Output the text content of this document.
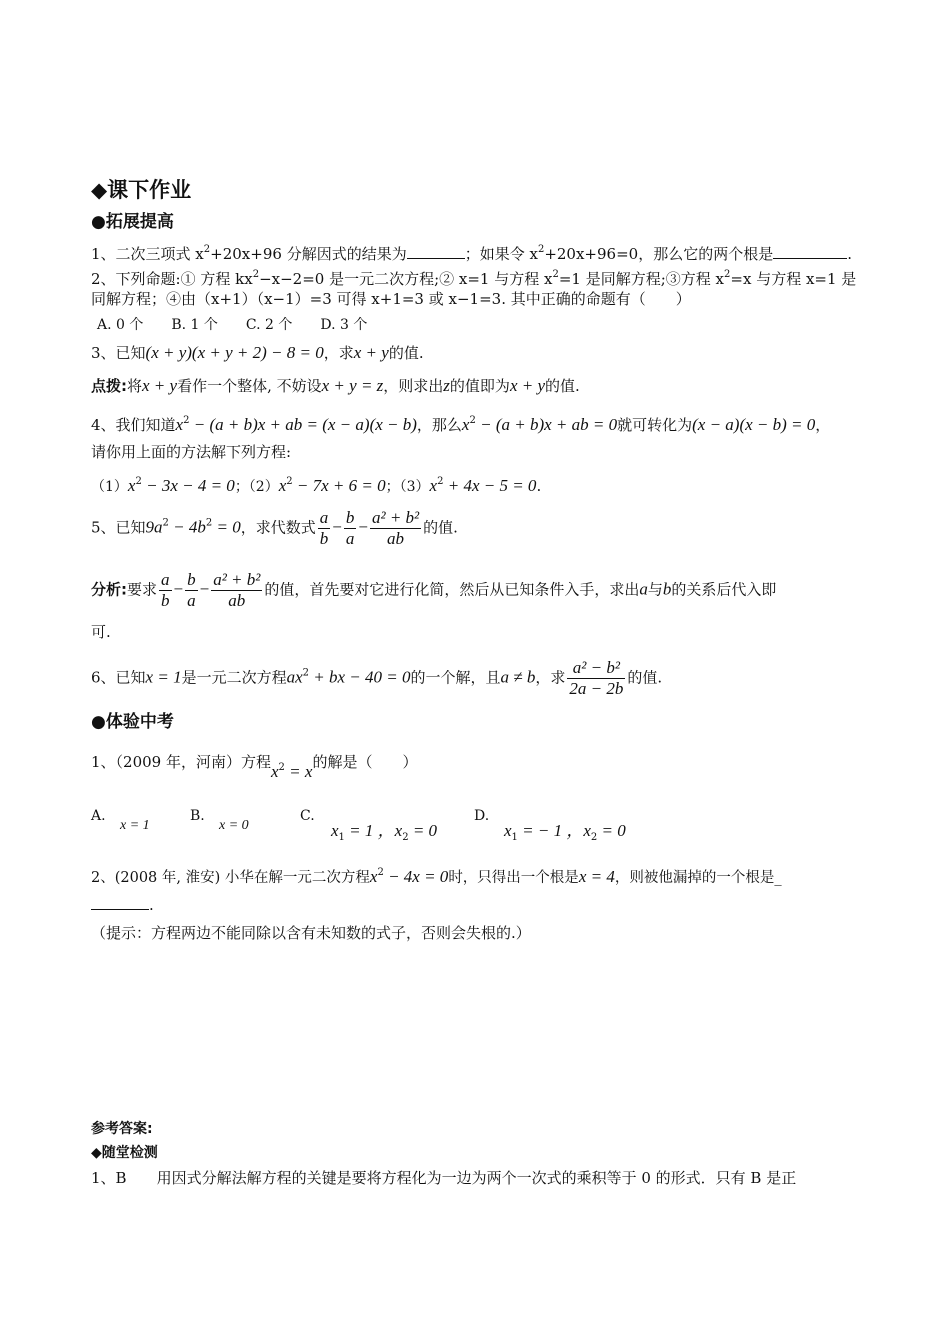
◆课下作业
●拓展提高
1、二次三项式 $x^2+20x+96$ 分解因式的结果为	；如果令 $x^2+20x+96=0$，那么它的两个根是	.
2、下列命题:① 方程 $kx^2-x-2=0$ 是一元二次方程;② x=1 与方程 $x^2=1$ 是同解方程;③方程 $x^2=x$ 与方程 x=1 是
同解方程；④由（x+1）（x−1）=3 可得 x+1=3 或 x−1=3. 其中正确的命题有（　　）
A. 0 个　　B. 1 个　　C. 2 个　　D. 3 个
3、已知(x + y)(x + y + 2) − 8 = 0，求x + y的值.
点拨:将x + y看作一个整体, 不妨设x + y = z，则求出z的值即为x + y的值.
4、我们知道$x^2 - (a + b)x$ + ab = (x − a)(x − b)，那么$x^2 - (a + b)x$ + ab = 0就可转化为(x − a)(x − b) = 0，
请你用上面的方法解下列方程:
$(1)x^2 - 3x - 4 = 0$；$(2)x^2 - 7x + 6 = 0$；$(3)x^2 + 4x - 5 = 0$.
5、已知$9a^2 - 4b^2 = 0$，求代数式 $\frac{a}{b} - \frac{b}{a} - \frac{\text{a² + b²}}{ab}$ 的值.
分析:要求 $\frac{a}{b} - \frac{b}{a} - \frac{\text{a² + b²}}{ab}$ 的值，首先要对它进行化简，然后从已知条件入手，求出a与b的关系后代入即
可.
6、已知x = 1是一元二次方程$ax^2$ + bx − 40 = 0的一个解，且a ≠ b，求 $\frac{\text{a² − b²}}{2a - 2b}$ 的值.
●体验中考
1、（2009 年，河南）方程$x^2 = x$的解是（　　）
A.
x = 1
B.
x = 0
C.
$x_1 = 1$ ，$x_2 = 0$
D.
$x_1$ = − 1 ，$x_2 = 0$
2、(2008 年, 淮安) 小华在解一元二次方程$x^2 - 4x = 0$时，只得出一个根是x = 4，则被他漏掉的一个根是_
.
（提示：方程两边不能同除以含有未知数的式子，否则会失根的.）
参考答案:
◆随堂检测
1、B　　用因式分解法解方程的关键是要将方程化为一边为两个一次式的乘积等于 0 的形式．只有 B 是正
